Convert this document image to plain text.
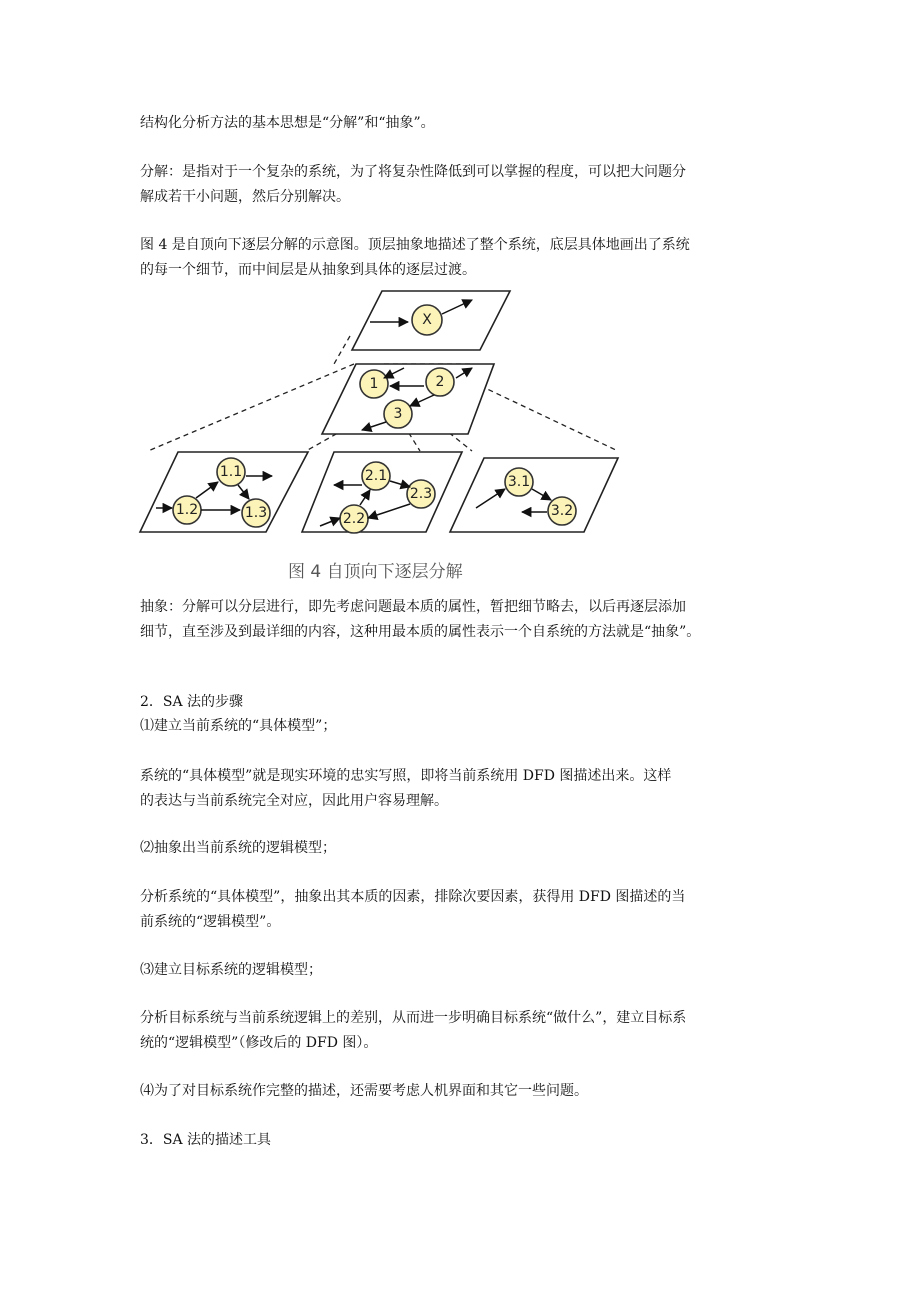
结构化分析方法的基本思想是“分解”和“抽象”。

分解：是指对于一个复杂的系统，为了将复杂性降低到可以掌握的程度，可以把大问题分

解成若干小问题，然后分别解决。

图 4 是自顶向下逐层分解的示意图。顶层抽象地描述了整个系统，底层具体地画出了系统

的每一个细节，而中间层是从抽象到具体的逐层过渡。

X
1	2
3
1.1
1.2	1.3
2.1
2.2
2.3
3.1
3.2
图 4 自顶向下逐层分解

抽象：分解可以分层进行，即先考虑问题最本质的属性，暂把细节略去，以后再逐层添加

细节，直至涉及到最详细的内容，这种用最本质的属性表示一个自系统的方法就是“抽象”。

2．SA 法的步骤

⑴建立当前系统的“具体模型”；

系统的“具体模型”就是现实环境的忠实写照，即将当前系统用 DFD 图描述出来。这样

的表达与当前系统完全对应，因此用户容易理解。

⑵抽象出当前系统的逻辑模型；

分析系统的“具体模型”，抽象出其本质的因素，排除次要因素，获得用 DFD 图描述的当

前系统的“逻辑模型”。

⑶建立目标系统的逻辑模型；

分析目标系统与当前系统逻辑上的差别，从而进一步明确目标系统“做什么”，建立目标系

统的“逻辑模型”（修改后的 DFD 图）。

⑷为了对目标系统作完整的描述，还需要考虑人机界面和其它一些问题。

3．SA 法的描述工具
